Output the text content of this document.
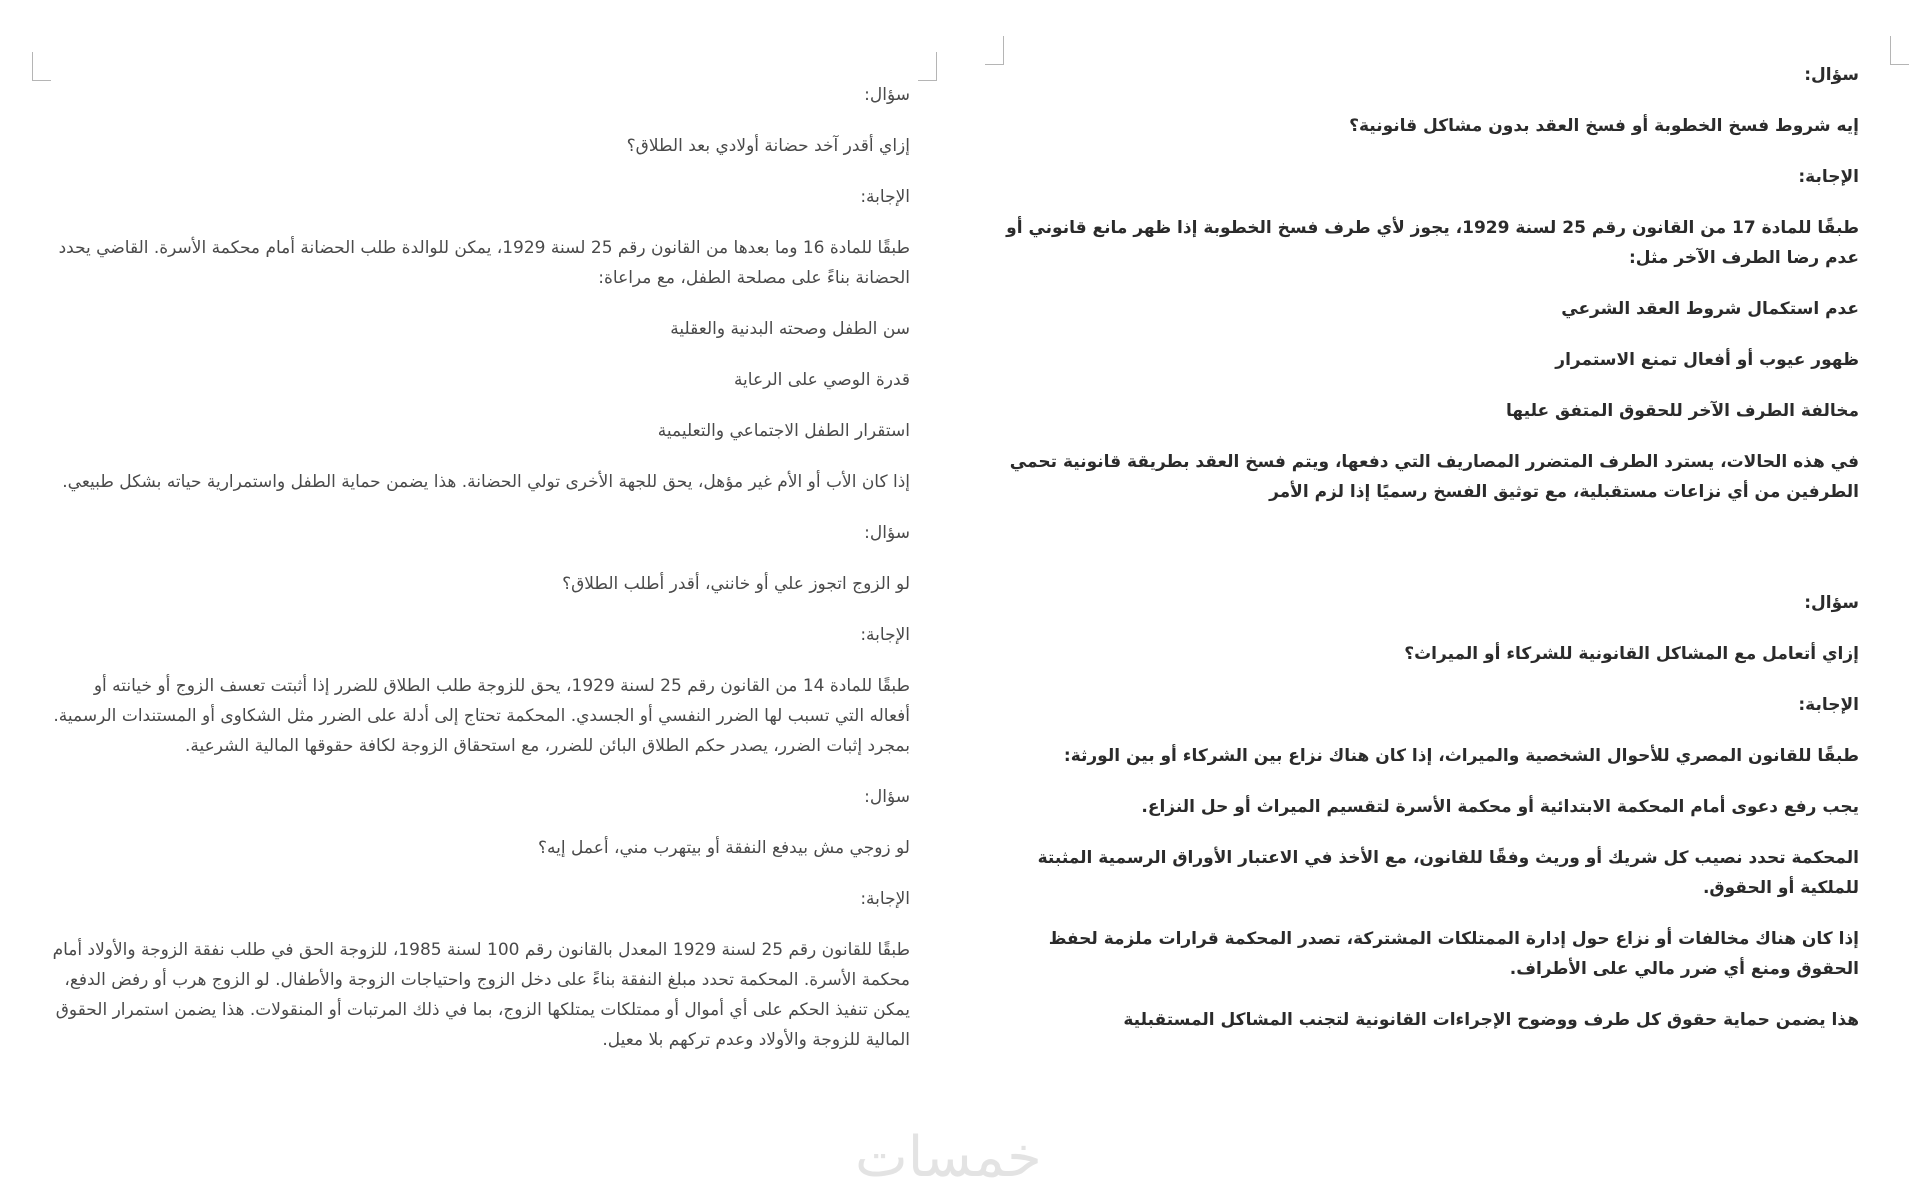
سؤال:

إيه شروط فسخ الخطوبة أو فسخ العقد بدون مشاكل قانونية؟

الإجابة:

طبقًا للمادة 17 من القانون رقم 25 لسنة 1929، يجوز لأي طرف فسخ الخطوبة إذا ظهر مانع قانوني أو عدم رضا الطرف الآخر مثل:

عدم استكمال شروط العقد الشرعي

ظهور عيوب أو أفعال تمنع الاستمرار

مخالفة الطرف الآخر للحقوق المتفق عليها

في هذه الحالات، يسترد الطرف المتضرر المصاريف التي دفعها، ويتم فسخ العقد بطريقة قانونية تحمي الطرفين من أي نزاعات مستقبلية، مع توثيق الفسخ رسميًا إذا لزم الأمر

سؤال:

إزاي أتعامل مع المشاكل القانونية للشركاء أو الميراث؟

الإجابة:

طبقًا للقانون المصري للأحوال الشخصية والميراث، إذا كان هناك نزاع بين الشركاء أو بين الورثة:

يجب رفع دعوى أمام المحكمة الابتدائية أو محكمة الأسرة لتقسيم الميراث أو حل النزاع.

المحكمة تحدد نصيب كل شريك أو وريث وفقًا للقانون، مع الأخذ في الاعتبار الأوراق الرسمية المثبتة للملكية أو الحقوق.

إذا كان هناك مخالفات أو نزاع حول إدارة الممتلكات المشتركة، تصدر المحكمة قرارات ملزمة لحفظ الحقوق ومنع أي ضرر مالي على الأطراف.

هذا يضمن حماية حقوق كل طرف ووضوح الإجراءات القانونية لتجنب المشاكل المستقبلية

سؤال:

إزاي أقدر آخد حضانة أولادي بعد الطلاق؟

الإجابة:

طبقًا للمادة 16 وما بعدها من القانون رقم 25 لسنة 1929، يمكن للوالدة طلب الحضانة أمام محكمة الأسرة. القاضي يحدد الحضانة بناءً على مصلحة الطفل، مع مراعاة:

سن الطفل وصحته البدنية والعقلية

قدرة الوصي على الرعاية

استقرار الطفل الاجتماعي والتعليمية

إذا كان الأب أو الأم غير مؤهل، يحق للجهة الأخرى تولي الحضانة. هذا يضمن حماية الطفل واستمرارية حياته بشكل طبيعي.

سؤال:

لو الزوج اتجوز علي أو خانني، أقدر أطلب الطلاق؟

الإجابة:

طبقًا للمادة 14 من القانون رقم 25 لسنة 1929، يحق للزوجة طلب الطلاق للضرر إذا أثبتت تعسف الزوج أو خيانته أو أفعاله التي تسبب لها الضرر النفسي أو الجسدي. المحكمة تحتاج إلى أدلة على الضرر مثل الشكاوى أو المستندات الرسمية. بمجرد إثبات الضرر، يصدر حكم الطلاق البائن للضرر، مع استحقاق الزوجة لكافة حقوقها المالية الشرعية.

سؤال:

لو زوجي مش بيدفع النفقة أو بيتهرب مني، أعمل إيه؟

الإجابة:

طبقًا للقانون رقم 25 لسنة 1929 المعدل بالقانون رقم 100 لسنة 1985، للزوجة الحق في طلب نفقة الزوجة والأولاد أمام محكمة الأسرة. المحكمة تحدد مبلغ النفقة بناءً على دخل الزوج واحتياجات الزوجة والأطفال. لو الزوج هرب أو رفض الدفع، يمكن تنفيذ الحكم على أي أموال أو ممتلكات يمتلكها الزوج، بما في ذلك المرتبات أو المنقولات. هذا يضمن استمرار الحقوق المالية للزوجة والأولاد وعدم تركهم بلا معيل.

خمسات
